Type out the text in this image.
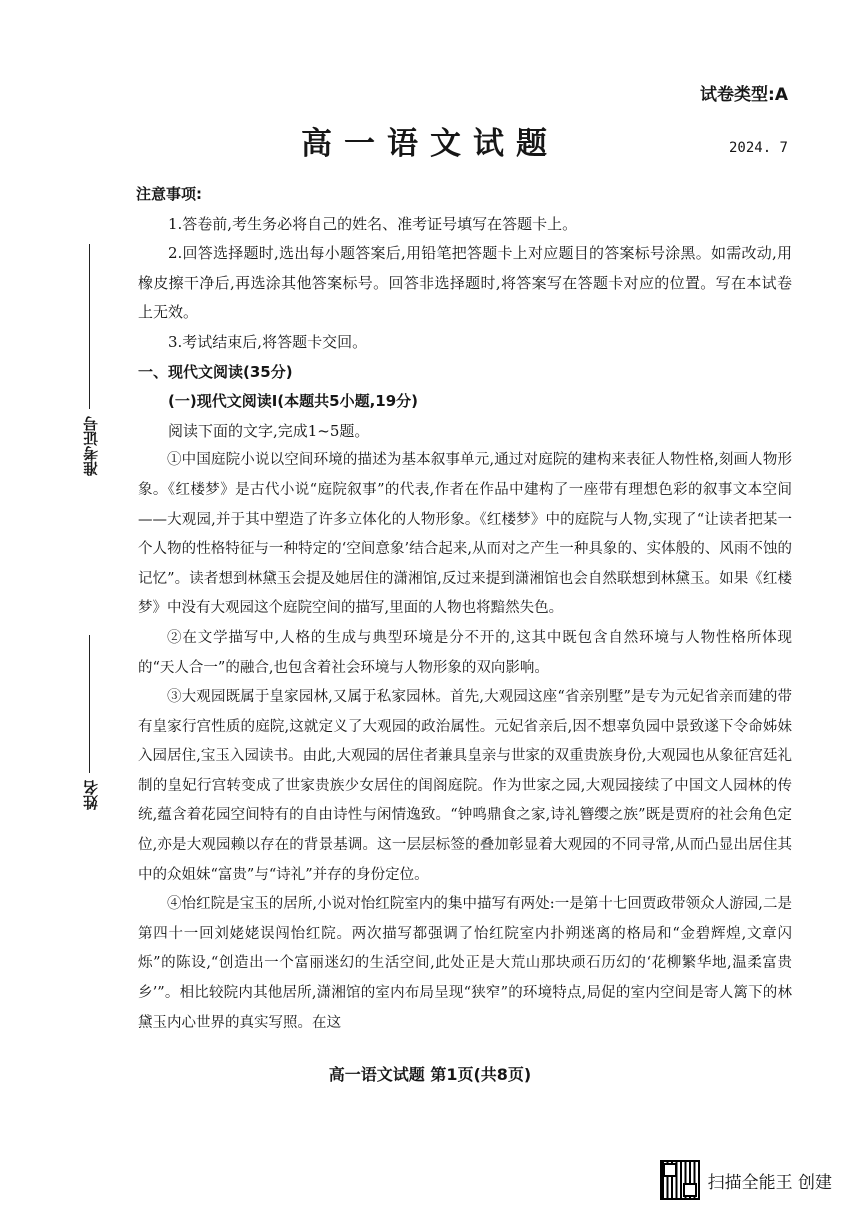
试卷类型:A
高一语文试题	2024. 7
准考证号
姓名

注意事项:

1.答卷前,考生务必将自己的姓名、准考证号填写在答题卡上。

2.回答选择题时,选出每小题答案后,用铅笔把答题卡上对应题目的答案标号涂黑。如需改动,用橡皮擦干净后,再选涂其他答案标号。回答非选择题时,将答案写在答题卡对应的位置。写在本试卷上无效。

3.考试结束后,将答题卡交回。

一、现代文阅读(35分)

(一)现代文阅读Ⅰ(本题共5小题,19分)

阅读下面的文字,完成1~5题。

①中国庭院小说以空间环境的描述为基本叙事单元,通过对庭院的建构来表征人物性格,刻画人物形象。《红楼梦》是古代小说“庭院叙事”的代表,作者在作品中建构了一座带有理想色彩的叙事文本空间——大观园,并于其中塑造了许多立体化的人物形象。《红楼梦》中的庭院与人物,实现了“让读者把某一个人物的性格特征与一种特定的‘空间意象’结合起来,从而对之产生一种具象的、实体般的、风雨不蚀的记忆”。读者想到林黛玉会提及她居住的潇湘馆,反过来提到潇湘馆也会自然联想到林黛玉。如果《红楼梦》中没有大观园这个庭院空间的描写,里面的人物也将黯然失色。

②在文学描写中,人格的生成与典型环境是分不开的,这其中既包含自然环境与人物性格所体现的“天人合一”的融合,也包含着社会环境与人物形象的双向影响。

③大观园既属于皇家园林,又属于私家园林。首先,大观园这座“省亲别墅”是专为元妃省亲而建的带有皇家行宫性质的庭院,这就定义了大观园的政治属性。元妃省亲后,因不想辜负园中景致遂下令命姊妹入园居住,宝玉入园读书。由此,大观园的居住者兼具皇亲与世家的双重贵族身份,大观园也从象征宫廷礼制的皇妃行宫转变成了世家贵族少女居住的闺阁庭院。作为世家之园,大观园接续了中国文人园林的传统,蕴含着花园空间特有的自由诗性与闲情逸致。“钟鸣鼎食之家,诗礼簪缨之族”既是贾府的社会角色定位,亦是大观园赖以存在的背景基调。这一层层标签的叠加彰显着大观园的不同寻常,从而凸显出居住其中的众姐妹“富贵”与“诗礼”并存的身份定位。

④怡红院是宝玉的居所,小说对怡红院室内的集中描写有两处:一是第十七回贾政带领众人游园,二是第四十一回刘姥姥误闯怡红院。两次描写都强调了怡红院室内扑朔迷离的格局和“金碧辉煌,文章闪烁”的陈设,“创造出一个富丽迷幻的生活空间,此处正是大荒山那块顽石历幻的‘花柳繁华地,温柔富贵乡’”。相比较院内其他居所,潇湘馆的室内布局呈现“狭窄”的环境特点,局促的室内空间是寄人篱下的林黛玉内心世界的真实写照。在这

高一语文试题 第1页(共8页)
扫描全能王 创建
